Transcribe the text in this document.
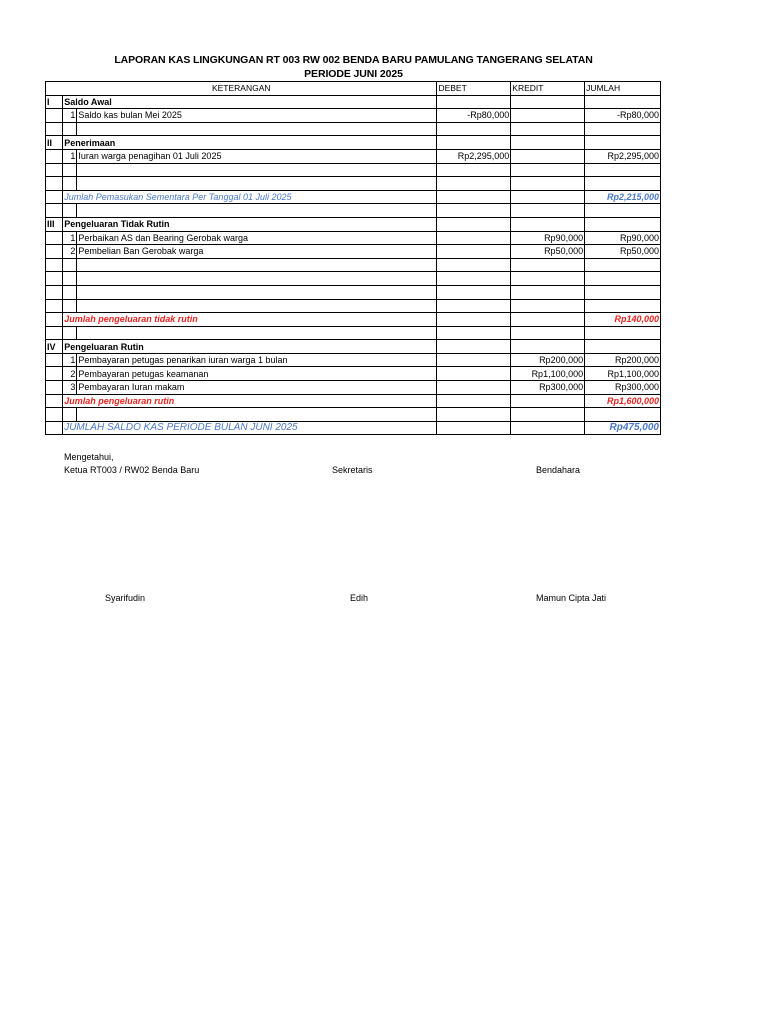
LAPORAN KAS LINGKUNGAN RT 003 RW 002 BENDA BARU PAMULANG TANGERANG SELATAN
PERIODE JUNI 2025
KETERANGAN			DEBET	KREDIT	JUMLAH
I	Saldo Awal				
	1	Saldo kas bulan Mei 2025	-Rp80,000		-Rp80,000

II	Penerimaan				
	1	Iuran warga penagihan 01 Juli 2025	Rp2,295,000		Rp2,295,000

	Jumlah Pemasukan Sementara Per Tanggal 01 Juli 2025				Rp2,215,000

III	Pengeluaran Tidak Rutin				
	1	Perbaikan AS dan Bearing Gerobak warga		Rp90,000	Rp90,000
	2	Pembelian Ban Gerobak warga		Rp50,000	Rp50,000

	Jumlah pengeluaran tidak rutin				Rp140,000

IV	Pengeluaran Rutin				
	1	Pembayaran petugas penarikan iuran warga 1 bulan		Rp200,000	Rp200,000
	2	Pembayaran petugas keamanan		Rp1,100,000	Rp1,100,000
	3	Pembayaran Iuran makam		Rp300,000	Rp300,000
	Jumlah pengeluaran rutin				Rp1,600,000

	JUMLAH SALDO KAS PERIODE BULAN JUNI 2025				Rp475,000
Mengetahui,
Ketua RT003 / RW02 Benda Baru	Sekretaris	Bendahara
Syarifudin	Edih	Mamun Cipta Jati
